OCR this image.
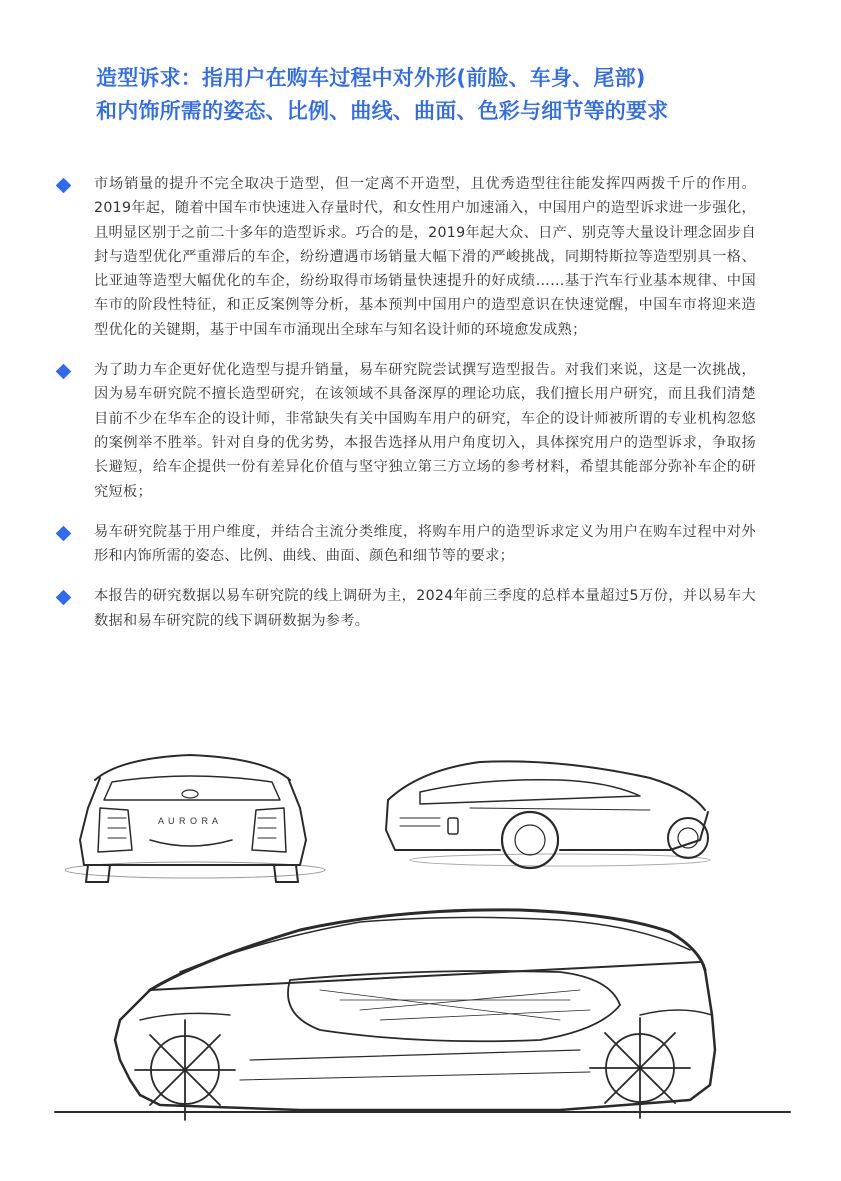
造型诉求：指用户在购车过程中对外形(前脸、车身、尾部)
和内饰所需的姿态、比例、曲线、曲面、色彩与细节等的要求
市场销量的提升不完全取决于造型，但一定离不开造型，且优秀造型往往能发挥四两拨千斤的作用。2019年起，随着中国车市快速进入存量时代，和女性用户加速涌入，中国用户的造型诉求进一步强化，且明显区别于之前二十多年的造型诉求。巧合的是，2019年起大众、日产、别克等大量设计理念固步自封与造型优化严重滞后的车企，纷纷遭遇市场销量大幅下滑的严峻挑战，同期特斯拉等造型别具一格、比亚迪等造型大幅优化的车企，纷纷取得市场销量快速提升的好成绩……基于汽车行业基本规律、中国车市的阶段性特征，和正反案例等分析，基本预判中国用户的造型意识在快速觉醒，中国车市将迎来造型优化的关键期，基于中国车市涌现出全球车与知名设计师的环境愈发成熟；
为了助力车企更好优化造型与提升销量，易车研究院尝试撰写造型报告。对我们来说，这是一次挑战，因为易车研究院不擅长造型研究，在该领域不具备深厚的理论功底，我们擅长用户研究，而且我们清楚目前不少在华车企的设计师，非常缺失有关中国购车用户的研究，车企的设计师被所谓的专业机构忽悠的案例举不胜举。针对自身的优劣势，本报告选择从用户角度切入，具体探究用户的造型诉求，争取扬长避短，给车企提供一份有差异化价值与坚守独立第三方立场的参考材料，希望其能部分弥补车企的研究短板；
易车研究院基于用户维度，并结合主流分类维度，将购车用户的造型诉求定义为用户在购车过程中对外形和内饰所需的姿态、比例、曲线、曲面、颜色和细节等的要求；
本报告的研究数据以易车研究院的线上调研为主，2024年前三季度的总样本量超过5万份，并以易车大数据和易车研究院的线下调研数据为参考。
A U R O R A
